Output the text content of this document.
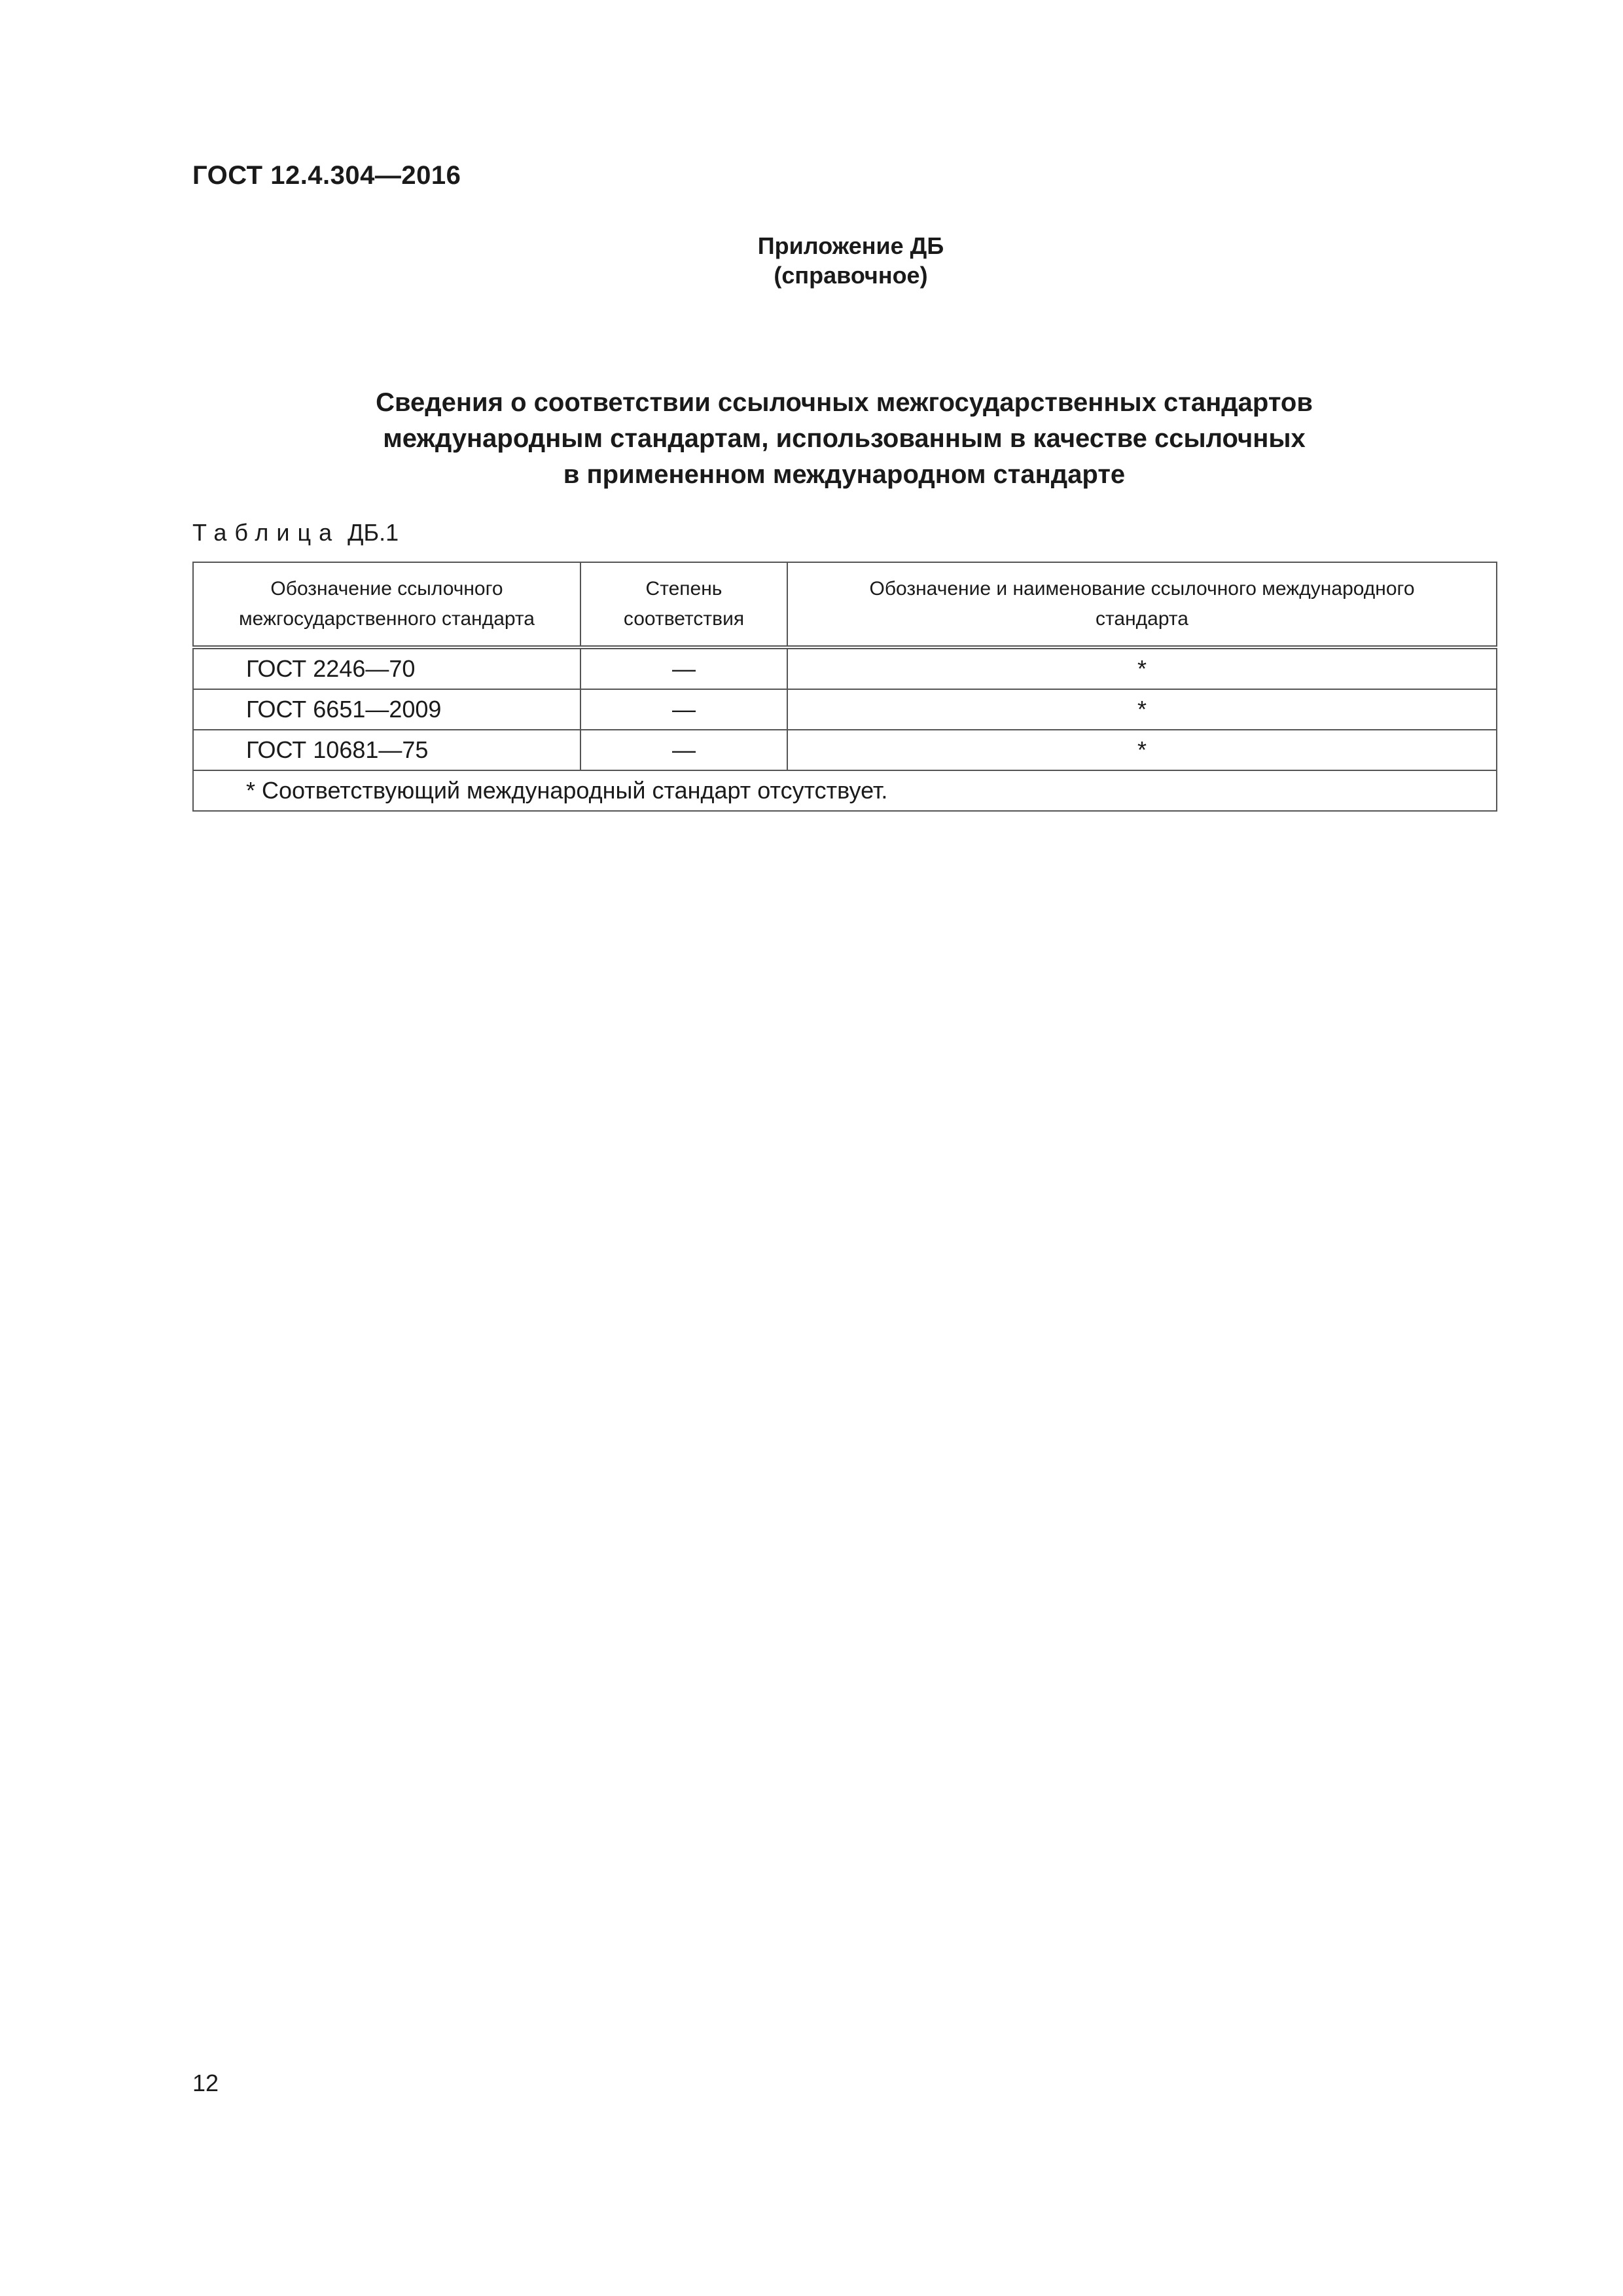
ГОСТ 12.4.304—2016
Приложение ДБ
(справочное)
Сведения о соответствии ссылочных межгосударственных стандартов
международным стандартам, использованным в качестве ссылочных
в примененном международном стандарте
Таблица ДБ.1
Обозначение ссылочного межгосударственного стандарта	Степень соответствия	Обозначение и наименование ссылочного международного стандарта
ГОСТ 2246—70	—	*
ГОСТ 6651—2009	—	*
ГОСТ 10681—75	—	*
* Соответствующий международный стандарт отсутствует.		
12
